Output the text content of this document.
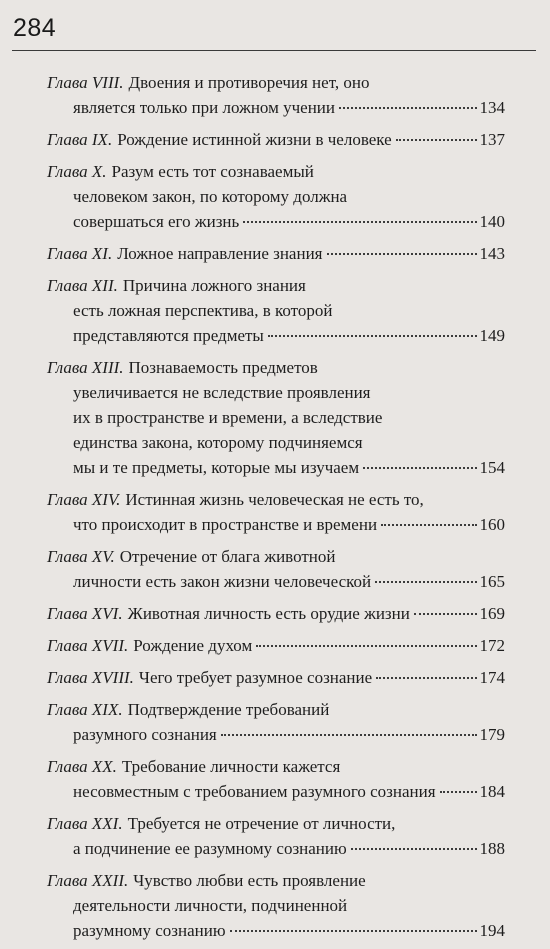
284
Глава VIII. Двоения и противоречия нет, оно
является только при ложном учении	134
Глава IX. Рождение истинной жизни в человеке	137
Глава X. Разум есть тот сознаваемый
человеком закон, по которому должна
совершаться его жизнь	140
Глава XI. Ложное направление знания	143
Глава XII. Причина ложного знания
есть ложная перспектива, в которой
представляются предметы	149
Глава XIII. Познаваемость предметов
увеличивается не вследствие проявления
их в пространстве и времени, а вследствие
единства закона, которому подчиняемся
мы и те предметы, которые мы изучаем	154
Глава XIV. Истинная жизнь человеческая не есть то,
что происходит в пространстве и времени	160
Глава XV. Отречение от блага животной
личности есть закон жизни человеческой	165
Глава XVI. Животная личность есть орудие жизни	169
Глава XVII. Рождение духом	172
Глава XVIII. Чего требует разумное сознание	174
Глава XIX. Подтверждение требований
разумного сознания	179
Глава XX. Требование личности кажется
несовместным с требованием разумного сознания	184
Глава XXI. Требуется не отречение от личности,
а подчинение ее разумному сознанию	188
Глава XXII. Чувство любви есть проявление
деятельности личности, подчиненной
разумному сознанию	194
